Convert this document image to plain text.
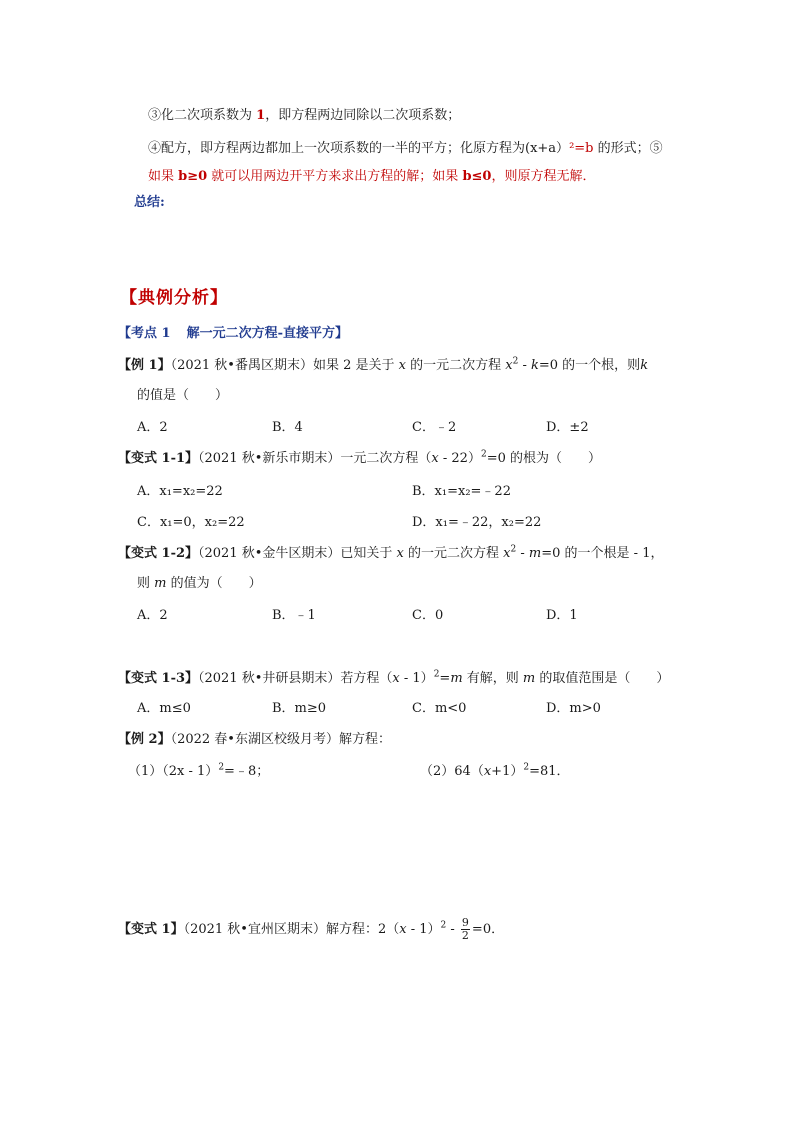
③化二次项系数为 1，即方程两边同除以二次项系数；
④配方，即方程两边都加上一次项系数的一半的平方；化原方程为(x+a）²=b 的形式；⑤
如果 b≥0 就可以用两边开平方来求出方程的解；如果 b≤0，则原方程无解．
总结:
【典例分析】
【考点 1 解一元二次方程-直接平方】
【例 1】（2021 秋•番禺区期末）如果 2 是关于 x 的一元二次方程 $x^2 - k=0$ 的一个根，则k
的值是（　　）
A．2	B．4	C．﹣2	D．±2
【变式 1-1】（2021 秋•新乐市期末）一元二次方程（x - 22）$^2$=0 的根为（　　）
A．x₁=x₂=22	B．x₁=x₂=﹣22
C．x₁=0，x₂=22	D．x₁=﹣22，x₂=22
【变式 1-2】（2021 秋•金牛区期末）已知关于 x 的一元二次方程 $x^2 - m=0$ 的一个根是 - 1，
则 m 的值为（　　）
A．2	B．﹣1	C．0	D．1
【变式 1-3】（2021 秋•井研县期末）若方程（x - 1）$^2$=m 有解，则 m 的取值范围是（　　）
A．m≤0	B．m≥0	C．m<0	D．m>0
【例 2】（2022 春•东湖区校级月考）解方程：
（1）（2x - 1）$^2$=﹣8；	$(2)64(x+1)^2=81$．
【变式 1】（2021 秋•宜州区期末）解方程：$2(x - 1)^2 - \frac{9}{2} =0$．
